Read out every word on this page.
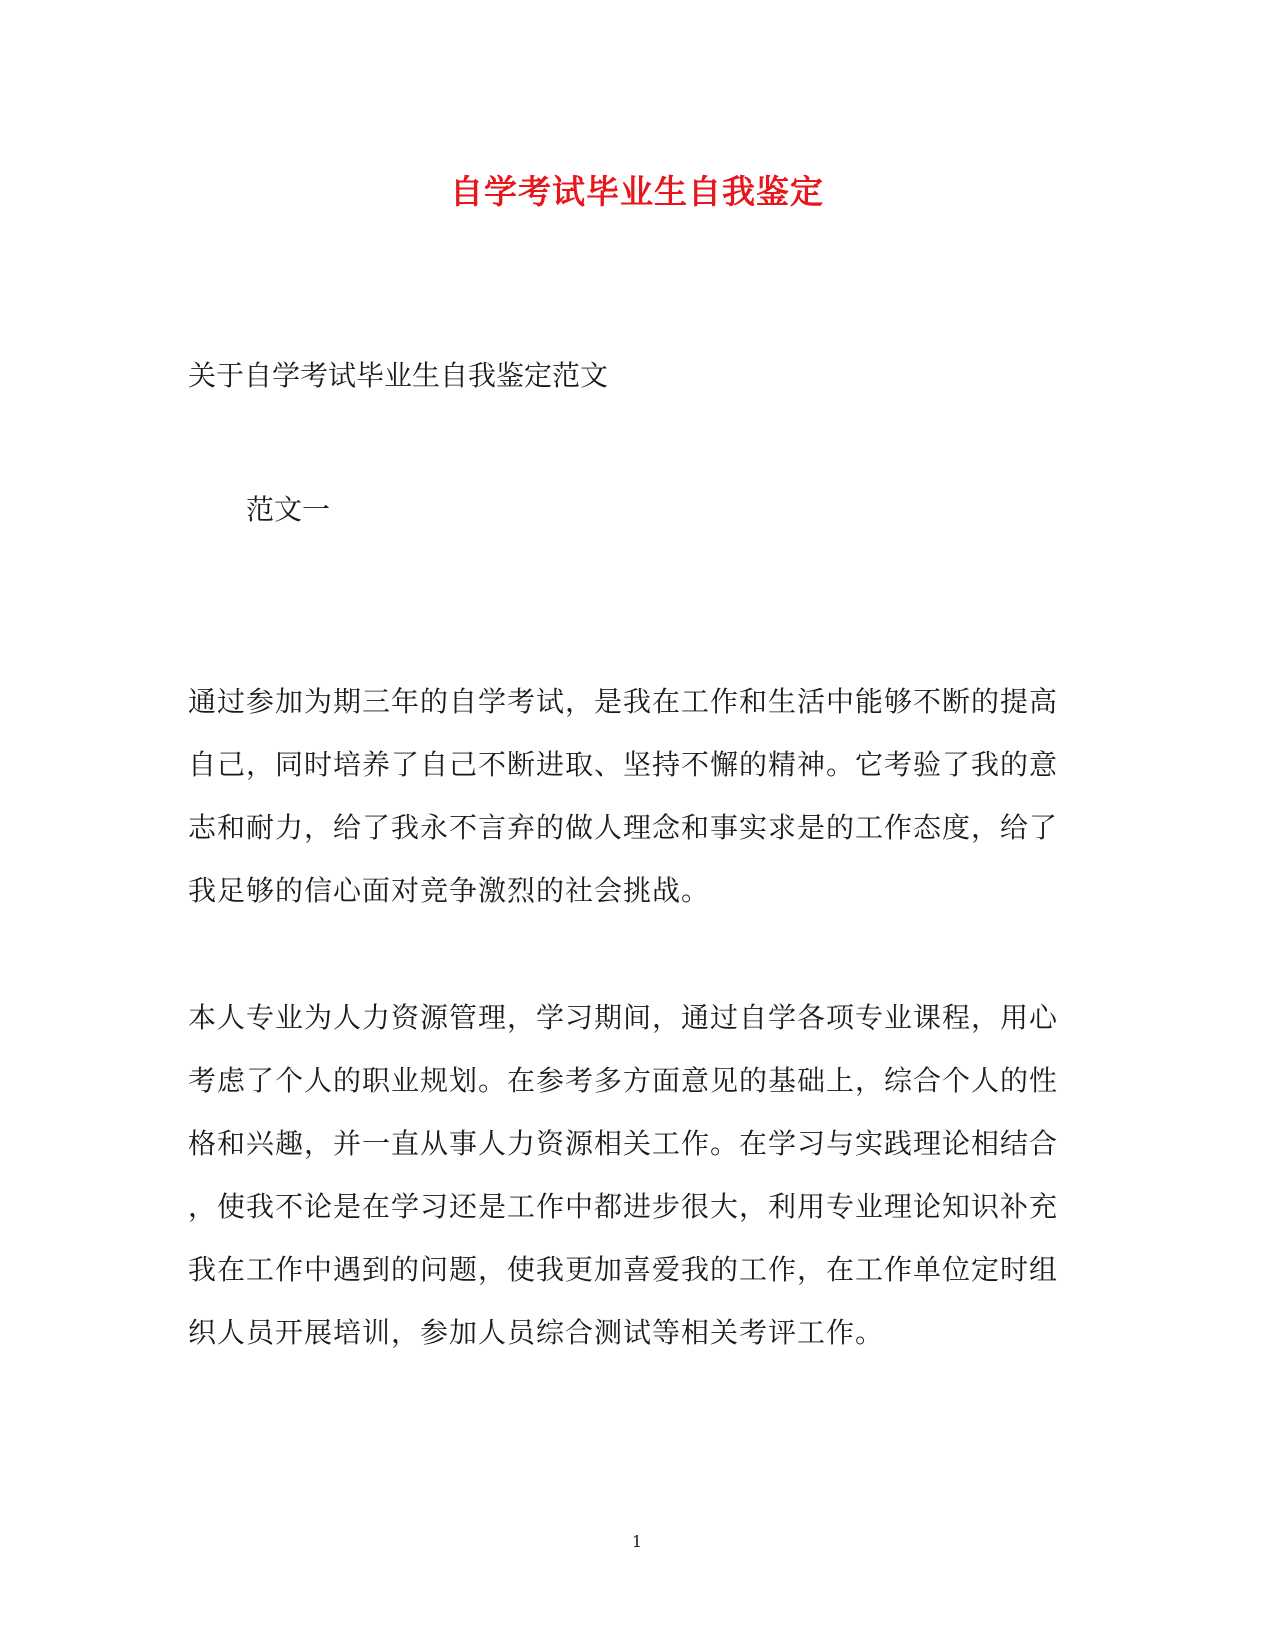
自学考试毕业生自我鉴定
关于自学考试毕业生自我鉴定范文
范文一
通过参加为期三年的自学考试，是我在工作和生活中能够不断的提高
自己，同时培养了自己不断进取、坚持不懈的精神。它考验了我的意
志和耐力，给了我永不言弃的做人理念和事实求是的工作态度，给了
我足够的信心面对竞争激烈的社会挑战。
本人专业为人力资源管理，学习期间，通过自学各项专业课程，用心
考虑了个人的职业规划。在参考多方面意见的基础上，综合个人的性
格和兴趣，并一直从事人力资源相关工作。在学习与实践理论相结合
，使我不论是在学习还是工作中都进步很大，利用专业理论知识补充
我在工作中遇到的问题，使我更加喜爱我的工作，在工作单位定时组
织人员开展培训，参加人员综合测试等相关考评工作。
1
